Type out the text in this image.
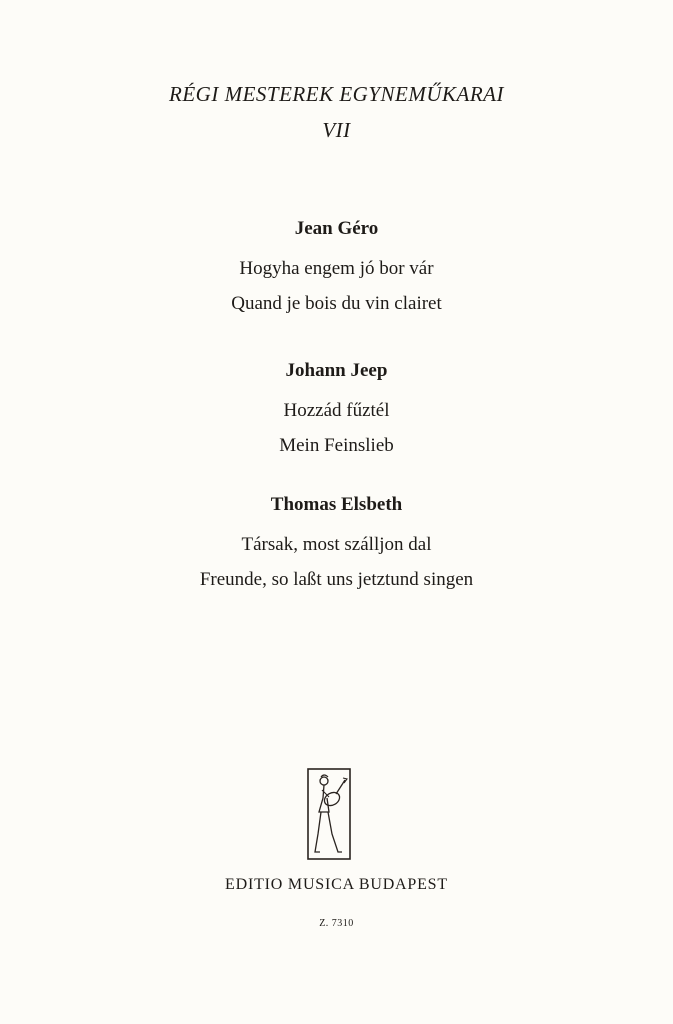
RÉGI MESTEREK EGYNEMŰKARAI
VII
Jean Géro
Hogyha engem jó bor vár
Quand je bois du vin clairet
Johann Jeep
Hozzád fűztél
Mein Feinslieb
Thomas Elsbeth
Társak, most szálljon dal
Freunde, so laßt uns jetztund singen
EDITIO MUSICA BUDAPEST
Z. 7310
